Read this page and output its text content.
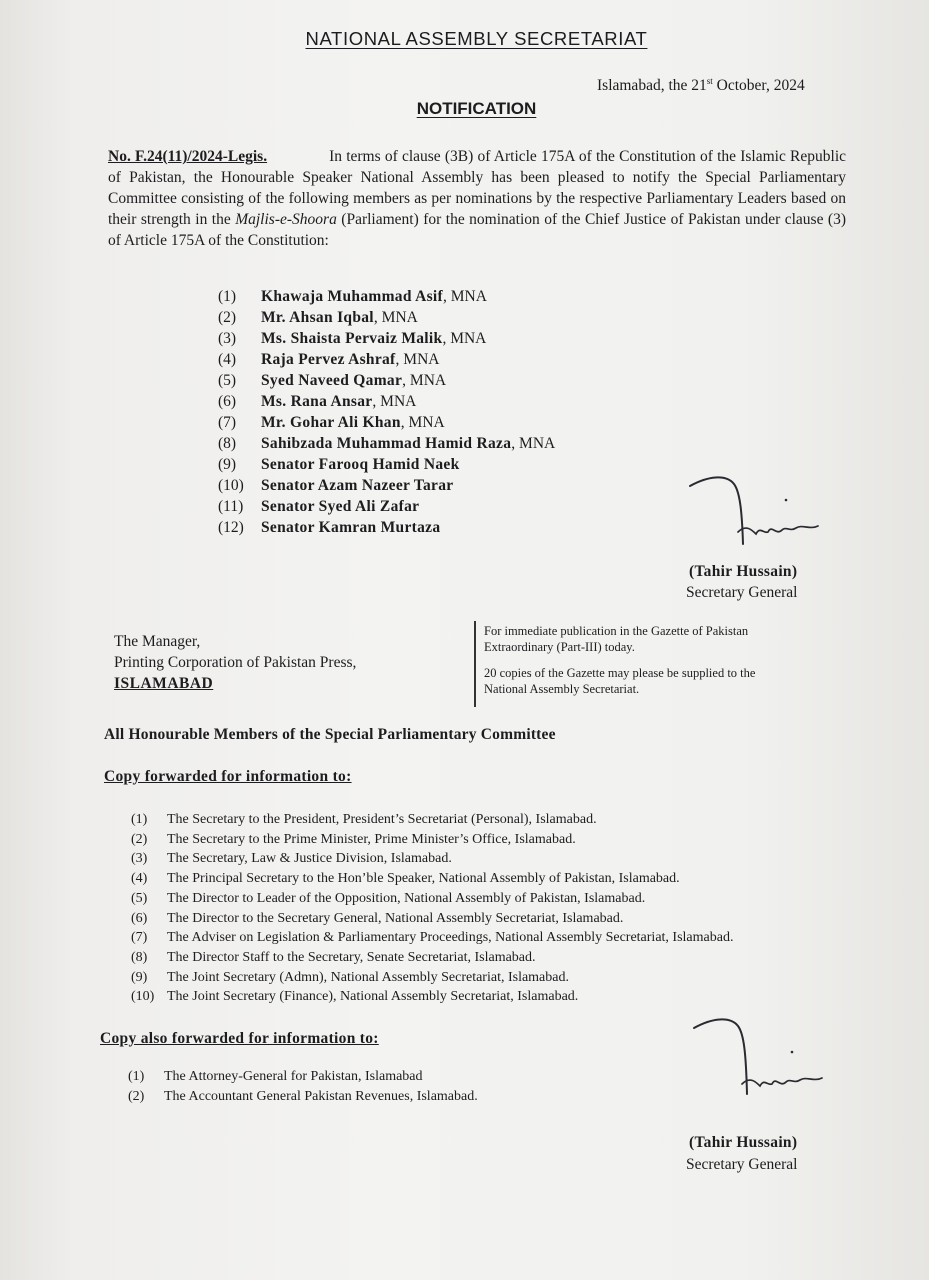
NATIONAL ASSEMBLY SECRETARIAT
Islamabad, the 21st October, 2024
NOTIFICATION
No. F.24(11)/2024-Legis.	In terms of clause (3B) of Article 175A of the Constitution of the Islamic Republic of Pakistan, the Honourable Speaker National Assembly has been pleased to notify the Special Parliamentary Committee consisting of the following members as per nominations by the respective Parliamentary Leaders based on their strength in the Majlis-e-Shoora (Parliament) for the nomination of the Chief Justice of Pakistan under clause (3) of Article 175A of the Constitution:
(1)	Khawaja Muhammad Asif , MNA
(2)	Mr. Ahsan Iqbal , MNA
(3)	Ms. Shaista Pervaiz Malik , MNA
(4)	Raja Pervez Ashraf , MNA
(5)	Syed Naveed Qamar , MNA
(6)	Ms. Rana Ansar , MNA
(7)	Mr. Gohar Ali Khan , MNA
(8)	Sahibzada Muhammad Hamid Raza , MNA
(9)	Senator Farooq Hamid Naek
(10)	Senator Azam Nazeer Tarar
(11)	Senator Syed Ali Zafar
(12)	Senator Kamran Murtaza
(Tahir Hussain)
Secretary General
The Manager,
Printing Corporation of Pakistan Press,
ISLAMABAD
For immediate publication in the Gazette of Pakistan
Extraordinary (Part-III) today.
20 copies of the Gazette may please be supplied to the
National Assembly Secretariat.
All Honourable Members of the Special Parliamentary Committee
Copy forwarded for information to:
(1)	The Secretary to the President, President’s Secretariat (Personal), Islamabad.
(2)	The Secretary to the Prime Minister, Prime Minister’s Office, Islamabad.
(3)	The Secretary, Law & Justice Division, Islamabad.
(4)	The Principal Secretary to the Hon’ble Speaker, National Assembly of Pakistan, Islamabad.
(5)	The Director to Leader of the Opposition, National Assembly of Pakistan, Islamabad.
(6)	The Director to the Secretary General, National Assembly Secretariat, Islamabad.
(7)	The Adviser on Legislation & Parliamentary Proceedings, National Assembly Secretariat, Islamabad.
(8)	The Director Staff to the Secretary, Senate Secretariat, Islamabad.
(9)	The Joint Secretary (Admn), National Assembly Secretariat, Islamabad.
(10) The Joint Secretary (Finance), National Assembly Secretariat, Islamabad.
Copy also forwarded for information to:
(1)	The Attorney-General for Pakistan, Islamabad
(2)	The Accountant General Pakistan Revenues, Islamabad.
(Tahir Hussain)
Secretary General
